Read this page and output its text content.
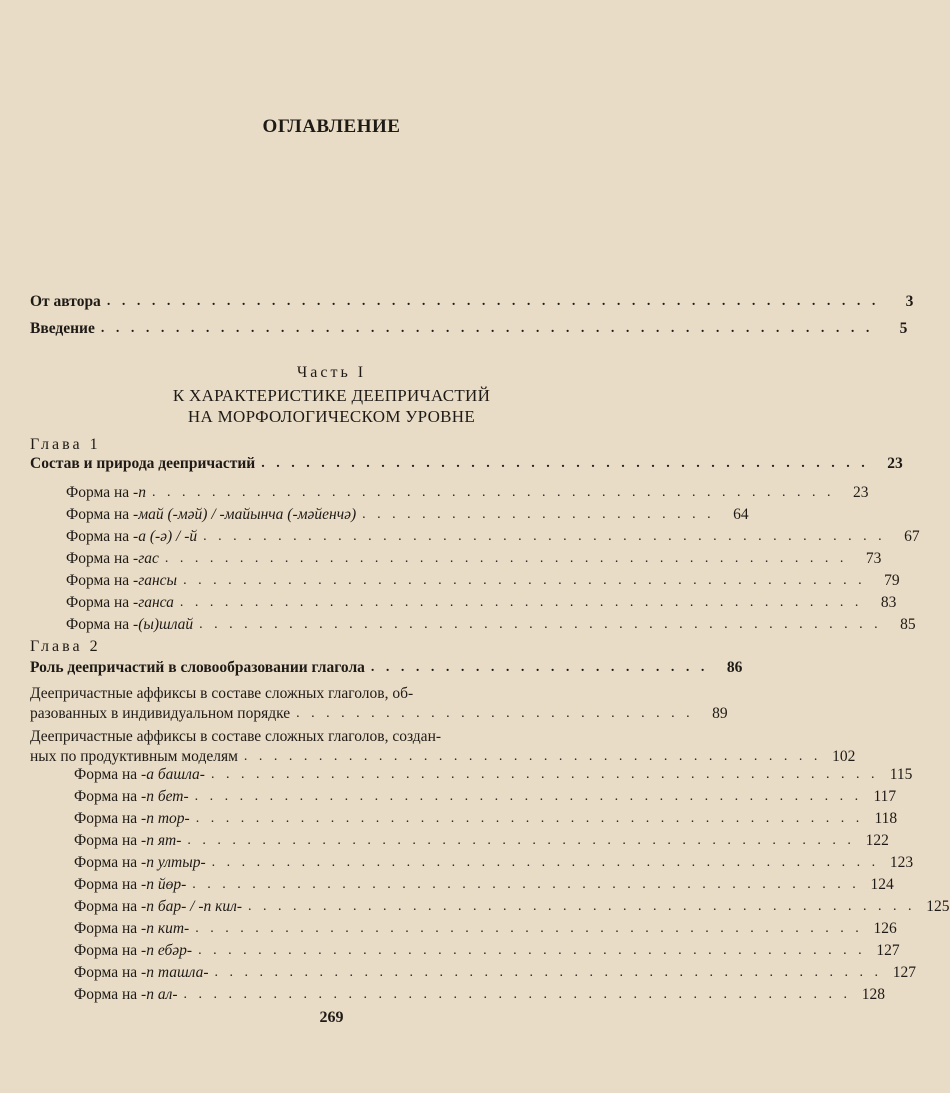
ОГЛАВЛЕНИЕ
От автора . . . . . . . . . . . . . . . . . . . . . . . . . . . . . . . . . . . . . . . . . . . . . . . . . . . .	3
Введение . . . . . . . . . . . . . . . . . . . . . . . . . . . . . . . . . . . . . . . . . . . . . . . . . . . .	5
Часть I
К ХАРАКТЕРИСТИКЕ ДЕЕПРИЧАСТИЙ
НА МОРФОЛОГИЧЕСКОМ УРОВНЕ
Глава 1
Состав и природа деепричастий . . . . . . . . . . . . . . . . . . . . . . . . . . . . . . . . . . . . . . . . .	23
Форма на -п . . . . . . . . . . . . . . . . . . . . . . . . . . . . . . . . . . . . . . . . . . . . . .	23
Форма на -май (-мәй) / -майынча (-мәйенчә) . . . . . . . . . . . . . . . . . . . . . . . .	64
Форма на -а (-ә) / -й . . . . . . . . . . . . . . . . . . . . . . . . . . . . . . . . . . . . . . . . . . . . . .	67
Форма на -гас . . . . . . . . . . . . . . . . . . . . . . . . . . . . . . . . . . . . . . . . . . . . . .	73
Форма на -гансы . . . . . . . . . . . . . . . . . . . . . . . . . . . . . . . . . . . . . . . . . . . . . .	79
Форма на -ганса . . . . . . . . . . . . . . . . . . . . . . . . . . . . . . . . . . . . . . . . . . . . . .	83
Форма на -(ы)шлай . . . . . . . . . . . . . . . . . . . . . . . . . . . . . . . . . . . . . . . . . . . . . .	85
Глава 2
Роль деепричастий в словообразовании глагола . . . . . . . . . . . . . . . . . . . . . . .	86
Деепричастные аффиксы в составе сложных глаголов, об-
разованных в индивидуальном порядке . . . . . . . . . . . . . . . . . . . . . . . . . . .	89
Деепричастные аффиксы в составе сложных глаголов, создан-
ных по продуктивным моделям . . . . . . . . . . . . . . . . . . . . . . . . . . . . . . . . . . . . . . . 102
Форма на -а башла- . . . . . . . . . . . . . . . . . . . . . . . . . . . . . . . . . . . . . . . . . . . . . 115
Форма на -п бет- . . . . . . . . . . . . . . . . . . . . . . . . . . . . . . . . . . . . . . . . . . . . . 117
Форма на -п тор- . . . . . . . . . . . . . . . . . . . . . . . . . . . . . . . . . . . . . . . . . . . . . 118
Форма на -п ят- . . . . . . . . . . . . . . . . . . . . . . . . . . . . . . . . . . . . . . . . . . . . . 122
Форма на -п ултыр- . . . . . . . . . . . . . . . . . . . . . . . . . . . . . . . . . . . . . . . . . . . . . 123
Форма на -п йөр- . . . . . . . . . . . . . . . . . . . . . . . . . . . . . . . . . . . . . . . . . . . . . 124
Форма на -п бар- / -п кил- . . . . . . . . . . . . . . . . . . . . . . . . . . . . . . . . . . . . . . . . . . . . . 125
Форма на -п кит- . . . . . . . . . . . . . . . . . . . . . . . . . . . . . . . . . . . . . . . . . . . . . 126
Форма на -п ебәр- . . . . . . . . . . . . . . . . . . . . . . . . . . . . . . . . . . . . . . . . . . . . . 127
Форма на -п ташла- . . . . . . . . . . . . . . . . . . . . . . . . . . . . . . . . . . . . . . . . . . . . . 127
Форма на -п ал- . . . . . . . . . . . . . . . . . . . . . . . . . . . . . . . . . . . . . . . . . . . . . 128
269
